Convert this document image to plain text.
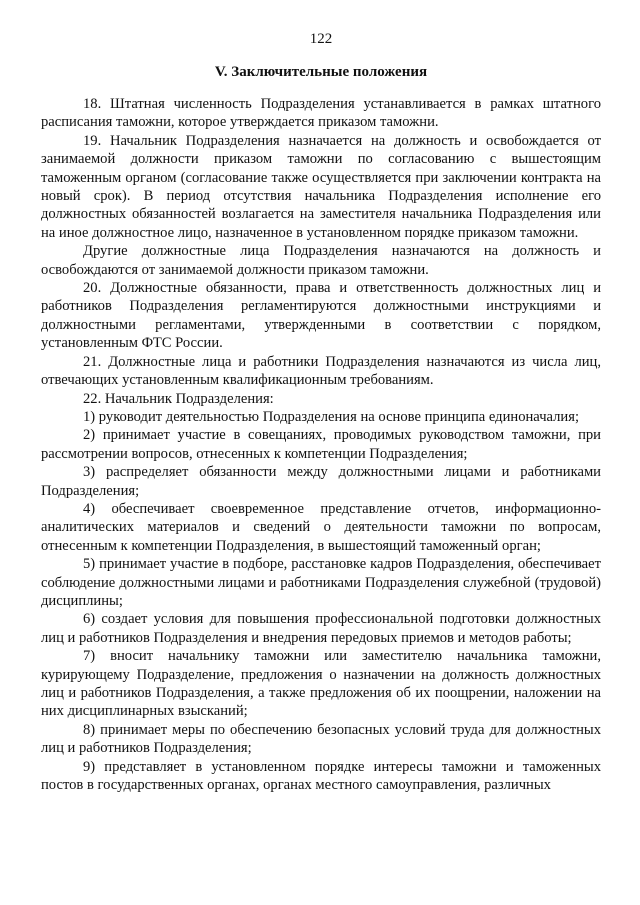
122
V. Заключительные положения

18. Штатная численность Подразделения устанавливается в рамках штатного расписания таможни, которое утверждается приказом таможни.

19. Начальник Подразделения назначается на должность и освобождается от занимаемой должности приказом таможни по согласованию с вышестоящим таможенным органом (согласование также осуществляется при заключении контракта на новый срок). В период отсутствия начальника Подразделения исполнение его должностных обязанностей возлагается на заместителя начальника Подразделения или на иное должностное лицо, назначенное в установленном порядке приказом таможни.

Другие должностные лица Подразделения назначаются на должность и освобождаются от занимаемой должности приказом таможни.

20. Должностные обязанности, права и ответственность должностных лиц и работников Подразделения регламентируются должностными инструкциями и должностными регламентами, утвержденными в соответствии с порядком, установленным ФТС России.

21. Должностные лица и работники Подразделения назначаются из числа лиц, отвечающих установленным квалификационным требованиям.

22. Начальник Подразделения:

1) руководит деятельностью Подразделения на основе принципа единоначалия;

2) принимает участие в совещаниях, проводимых руководством таможни, при рассмотрении вопросов, отнесенных к компетенции Подразделения;

3) распределяет обязанности между должностными лицами и работниками Подразделения;

4) обеспечивает своевременное представление отчетов, информационно-аналитических материалов и сведений о деятельности таможни по вопросам, отнесенным к компетенции Подразделения, в вышестоящий таможенный орган;

5) принимает участие в подборе, расстановке кадров Подразделения, обеспечивает соблюдение должностными лицами и работниками Подразделения служебной (трудовой) дисциплины;

6) создает условия для повышения профессиональной подготовки должностных лиц и работников Подразделения и внедрения передовых приемов и методов работы;

7) вносит начальнику таможни или заместителю начальника таможни, курирующему Подразделение, предложения о назначении на должность должностных лиц и работников Подразделения, а также предложения об их поощрении, наложении на них дисциплинарных взысканий;

8) принимает меры по обеспечению безопасных условий труда для должностных лиц и работников Подразделения;

9) представляет в установленном порядке интересы таможни и таможенных постов в государственных органах, органах местного самоуправления, различных
